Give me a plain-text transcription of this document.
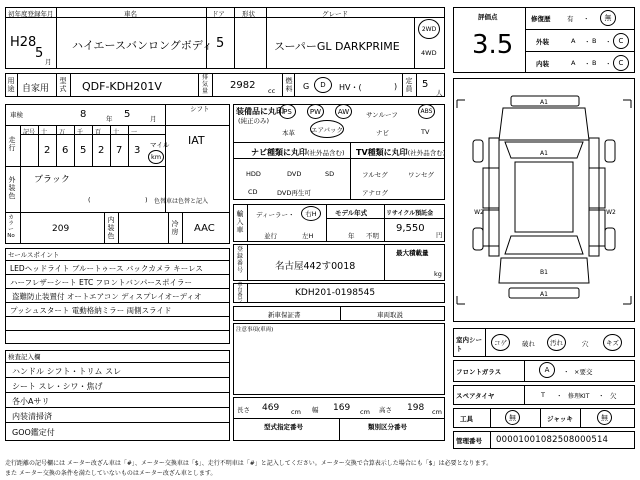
初年度登録年月	車名	ドア	形状	グレード
H28
5
月
ハイエースバンロングボディ 5	スーパーGL DARKPRIME
2WD
4WD
用途 自家用
型式 QDF-KDH201V
排気量
2982 cc
燃料 G	D	HV・(	)
定員 5
人
車検	8	年 5	月
シフト
IAT
走行
記号 十 万 千 百 十 一
2 6 5 2 7 3 マイル
km
外装色
ブラック
(	) 色替車は色替と記入
カラーNo
209
内装色
冷房 AAC
セールスポイント
LEDヘッドライト ブルートゥース バックカメラ キーレス
ハーフレザーシート ETC フロントバンパースポイラー
盗難防止装置付 オートエアコン ディスプレイオーディオ
プッシュスタート 電動格納ミラー 両側スライド
検査記入欄
ハンドル シフト・トリム スレ
シート スレ・シワ・焦げ
各小Aサリ
内装清掃済
GOO鑑定付
装備品に丸印
(純正のみ)
PS	PW	AW	サンルーフ	ABS
本革 エアバック	ナビ	TV
ナビ種類に丸印(社外品含む) TV種類に丸印(社外品含む)
HDD	DVD	SD
CD	DVD再生可
フルセグ	ワンセグ
アナログ
輸入車
ディーラー・	右H
並行	左H
モデル年式
年 不明
リサイクル預託金
9,550
円
登録番号	名古屋442す0018
最大積載量
kg
車台番号
KDH201-0198545
新車保証書	車両取説
注意事項(車両)
長さ 469 cm 幅 169 cm 高さ 198 cm
型式指定番号	類別区分番号
評価点
3.5
修復歴	有 ・	無
外装	A ・ B ・	C
内装	A ・ B ・	C
A1
A1
W2	W2
B1
A1
室内シート
コゲ	破れ	汚れ	穴	キズ
フロントガラス	A	・ ×要交
スペアタイヤ	T ・ 修理KIT ・ 欠
工具	無	ジャッキ	無
管理番号 00001001082508000514
走行距離の記号欄には メーター改ざん車は「#」、メーター交換車は「$」、走行不明車は「#」と記入してください。メーター交換で合算表示した場合にも「$」は必要となります。
また メーター交換の条件を満たしていないものはメーター改ざん車とします。
